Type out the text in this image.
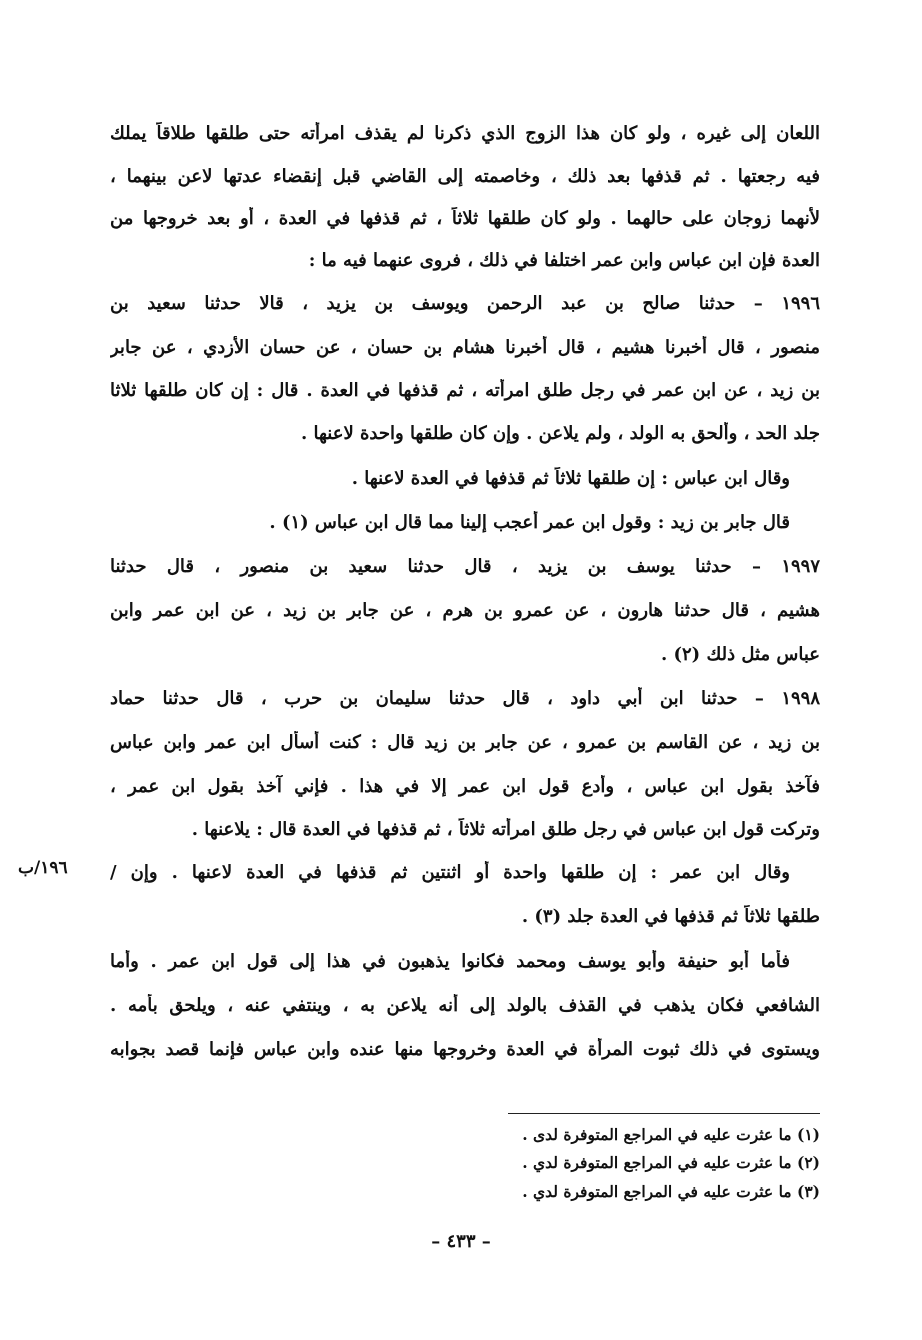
اللعان إلى غيره ، ولو كان هذا الزوج الذي ذكرنا لم يقذف امرأته حتى طلقها طلاقاً يملك
فيه رجعتها . ثم قذفها بعد ذلك ، وخاصمته إلى القاضي قبل إنقضاء عدتها لاعن بينهما ،
لأنهما زوجان على حالهما . ولو كان طلقها ثلاثاً ، ثم قذفها في العدة ، أو بعد خروجها من
العدة فإن ابن عباس وابن عمر اختلفا في ذلك ، فروى عنهما فيه ما :
١٩٩٦ – حدثنا صالح بن عبد الرحمن ويوسف بن يزيد ، قالا حدثنا سعيد بن
منصور ، قال أخبرنا هشيم ، قال أخبرنا هشام بن حسان ، عن حسان الأزدي ، عن جابر
بن زيد ، عن ابن عمر في رجل طلق امرأته ، ثم قذفها في العدة . قال : إن كان طلقها ثلاثا
جلد الحد ، وألحق به الولد ، ولم يلاعن . وإن كان طلقها واحدة لاعنها .
وقال ابن عباس : إن طلقها ثلاثاً ثم قذفها في العدة لاعنها .
قال جابر بن زيد : وقول ابن عمر أعجب إلينا مما قال ابن عباس (١) .
١٩٩٧ – حدثنا يوسف بن يزيد ، قال حدثنا سعيد بن منصور ، قال حدثنا
هشيم ، قال حدثنا هارون ، عن عمرو بن هرم ، عن جابر بن زيد ، عن ابن عمر وابن
عباس مثل ذلك (٢) .
١٩٩٨ – حدثنا ابن أبي داود ، قال حدثنا سليمان بن حرب ، قال حدثنا حماد
بن زيد ، عن القاسم بن عمرو ، عن جابر بن زيد قال : كنت أسأل ابن عمر وابن عباس
فآخذ بقول ابن عباس ، وأدع قول ابن عمر إلا في هذا . فإني آخذ بقول ابن عمر ،
وتركت قول ابن عباس في رجل طلق امرأته ثلاثاً ، ثم قذفها في العدة قال : يلاعنها .
وقال ابن عمر : إن طلقها واحدة أو اثنتين ثم قذفها في العدة لاعنها . وإن /
طلقها ثلاثاً ثم قذفها في العدة جلد (٣) .
فأما أبو حنيفة وأبو يوسف ومحمد فكانوا يذهبون في هذا إلى قول ابن عمر . وأما
الشافعي فكان يذهب في القذف بالولد إلى أنه يلاعن به ، وينتفي عنه ، ويلحق بأمه .
ويستوى في ذلك ثبوت المرأة في العدة وخروجها منها عنده وابن عباس فإنما قصد بجوابه
١٩٦/ب
(١) ما عثرت عليه في المراجع المتوفرة لدى .
(٢) ما عثرت عليه في المراجع المتوفرة لدي .
(٣) ما عثرت عليه في المراجع المتوفرة لدي .
– ٤٣٣ –
